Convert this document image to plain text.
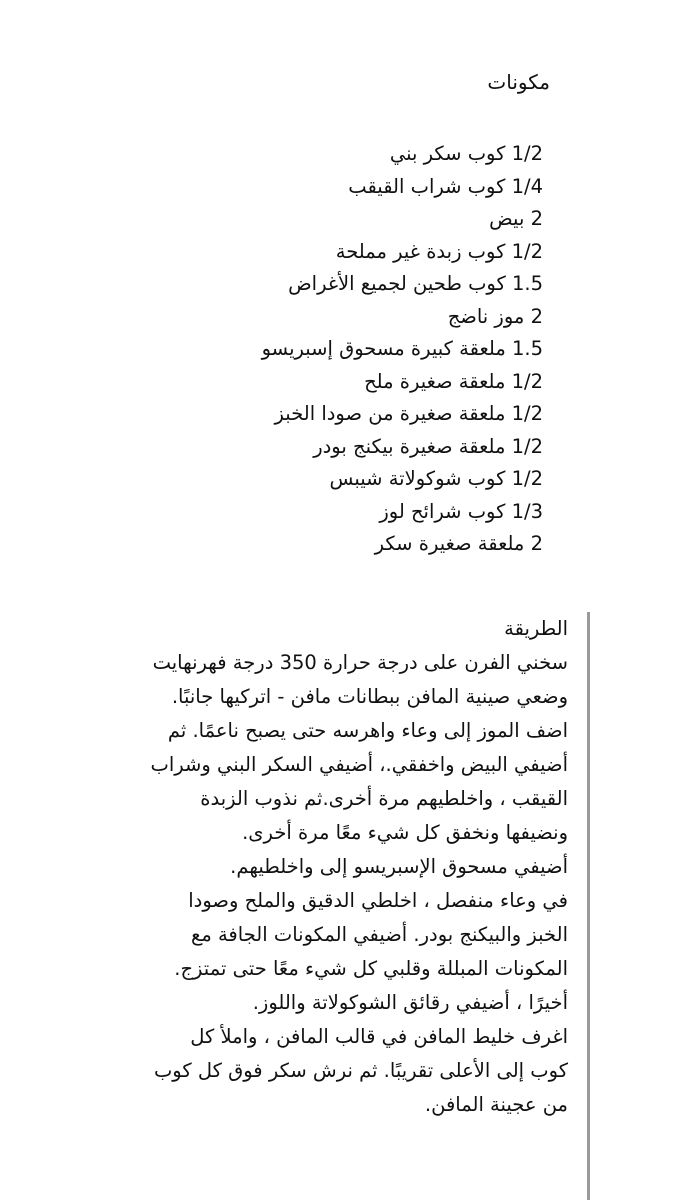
مكونات
1/2 كوب سكر بني
1/4 كوب شراب القيقب
2 بيض
1/2 كوب زبدة غير مملحة
1.5 كوب طحين لجميع الأغراض
2 موز ناضج
1.5 ملعقة كبيرة مسحوق إسبريسو
1/2 ملعقة صغيرة ملح
1/2 ملعقة صغيرة من صودا الخبز
1/2 ملعقة صغيرة بيكنج بودر
1/2 كوب شوكولاتة شيبس
1/3 كوب شرائح لوز
2 ملعقة صغيرة سكر
الطريقة
سخني الفرن على درجة حرارة 350 درجة فهرنهايت
وضعي صينية المافن ببطانات مافن - اتركيها جانبًا.
اضف الموز إلى وعاء واهرسه حتى يصبح ناعمًا. ثم
أضيفي البيض واخفقي.، أضيفي السكر البني وشراب
القيقب ، واخلطيهم مرة أخرى.ثم نذوب الزبدة
ونضيفها ونخفق كل شيء معًا مرة أخرى.
أضيفي مسحوق الإسبريسو إلى واخلطيهم.
في وعاء منفصل ، اخلطي الدقيق والملح وصودا
الخبز والبيكنج بودر. أضيفي المكونات الجافة مع
المكونات المبللة وقلبي كل شيء معًا حتى تمتزج.
أخيرًا ، أضيفي رقائق الشوكولاتة واللوز.
اغرف خليط المافن في قالب المافن ، واملأ كل
كوب إلى الأعلى تقريبًا. ثم نرش سكر فوق كل كوب
من عجينة المافن.
